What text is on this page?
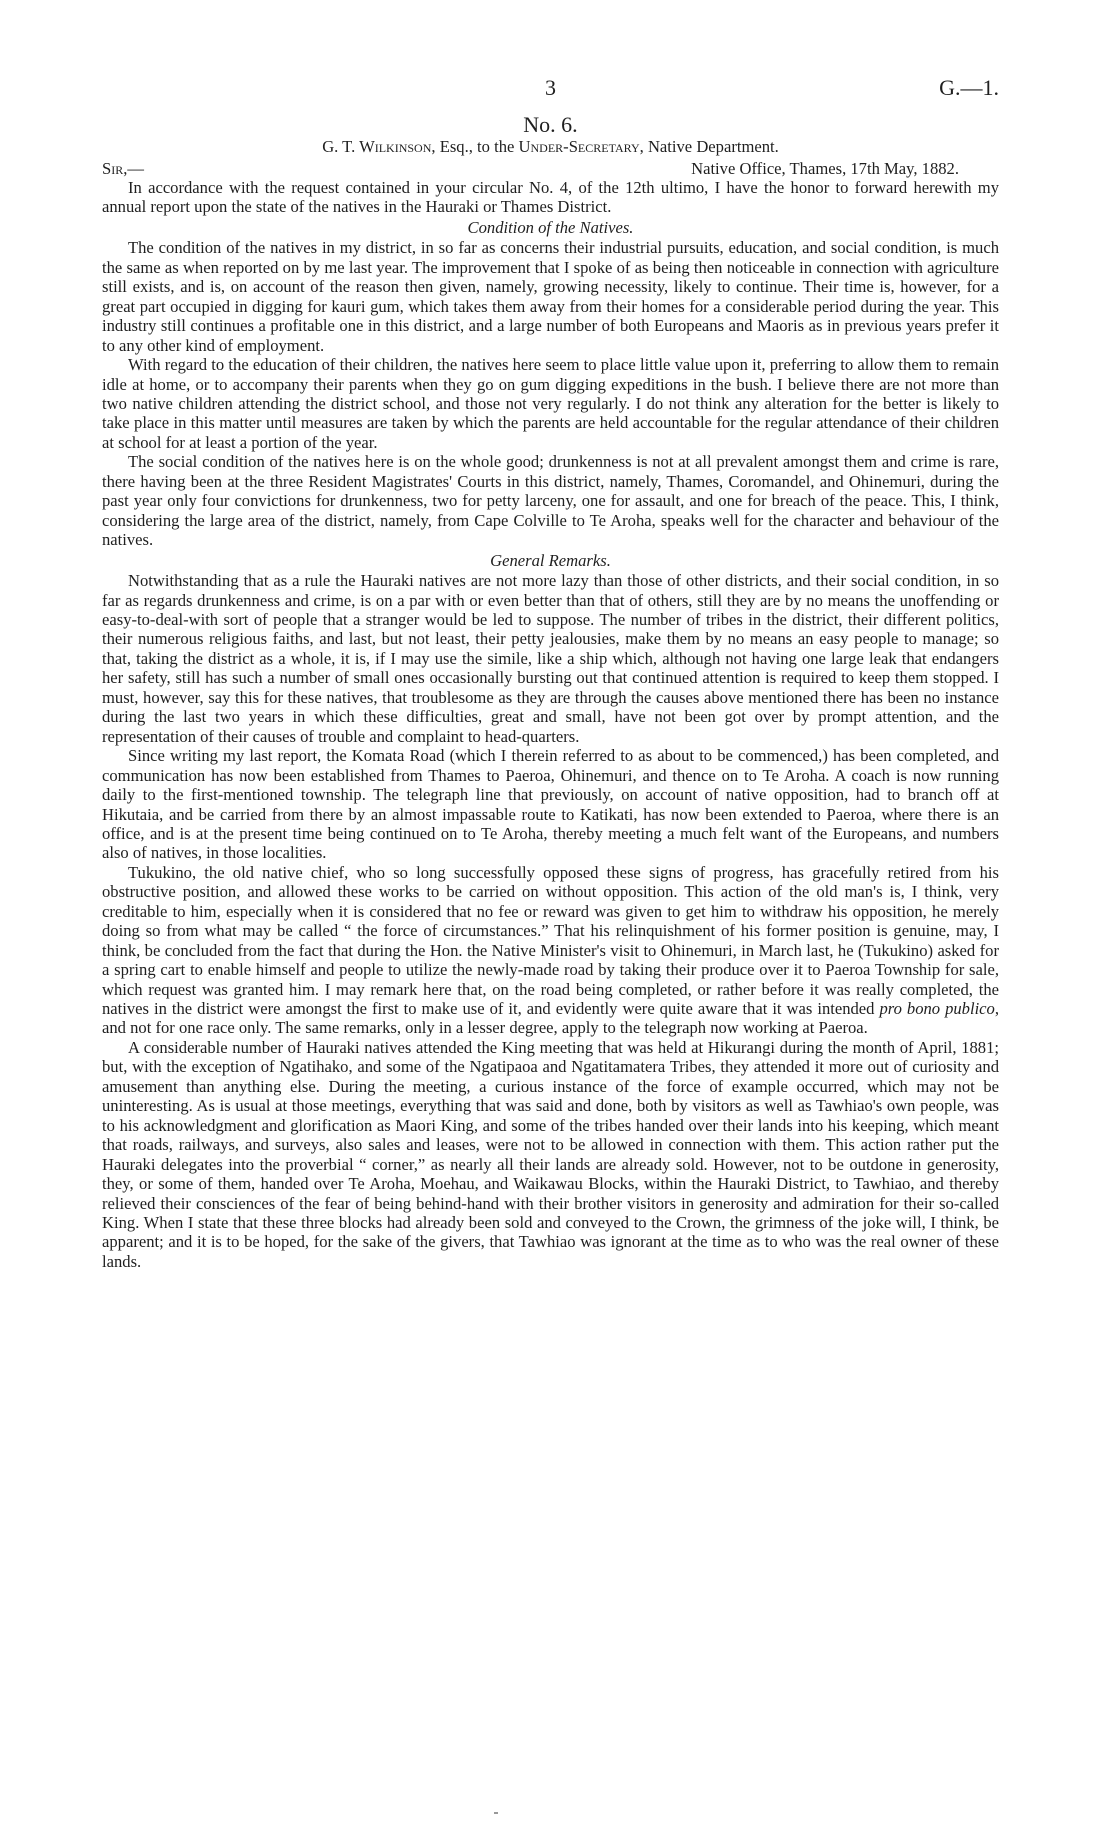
3	G.—1.
No. 6.
G. T. Wilkinson, Esq., to the Under-Secretary, Native Department.
Sir,—	Native Office, Thames, 17th May, 1882.

In accordance with the request contained in your circular No. 4, of the 12th ultimo, I have the honor to forward herewith my annual report upon the state of the natives in the Hauraki or Thames District.

Condition of the Natives.

The condition of the natives in my district, in so far as concerns their industrial pursuits, education, and social condition, is much the same as when reported on by me last year. The improvement that I spoke of as being then noticeable in connection with agriculture still exists, and is, on account of the reason then given, namely, growing necessity, likely to continue. Their time is, however, for a great part occupied in digging for kauri gum, which takes them away from their homes for a considerable period during the year. This industry still continues a profitable one in this district, and a large number of both Europeans and Maoris as in previous years prefer it to any other kind of employment.

With regard to the education of their children, the natives here seem to place little value upon it, preferring to allow them to remain idle at home, or to accompany their parents when they go on gum digging expeditions in the bush. I believe there are not more than two native children attending the district school, and those not very regularly. I do not think any alteration for the better is likely to take place in this matter until measures are taken by which the parents are held accountable for the regular attendance of their children at school for at least a portion of the year.

The social condition of the natives here is on the whole good; drunkenness is not at all prevalent amongst them and crime is rare, there having been at the three Resident Magistrates' Courts in this district, namely, Thames, Coromandel, and Ohinemuri, during the past year only four convictions for drunkenness, two for petty larceny, one for assault, and one for breach of the peace. This, I think, considering the large area of the district, namely, from Cape Colville to Te Aroha, speaks well for the character and behaviour of the natives.

General Remarks.

Notwithstanding that as a rule the Hauraki natives are not more lazy than those of other districts, and their social condition, in so far as regards drunkenness and crime, is on a par with or even better than that of others, still they are by no means the unoffending or easy-to-deal-with sort of people that a stranger would be led to suppose. The number of tribes in the district, their different politics, their numerous religious faiths, and last, but not least, their petty jealousies, make them by no means an easy people to manage; so that, taking the district as a whole, it is, if I may use the simile, like a ship which, although not having one large leak that endangers her safety, still has such a number of small ones occasionally bursting out that continued attention is required to keep them stopped. I must, however, say this for these natives, that troublesome as they are through the causes above mentioned there has been no instance during the last two years in which these difficulties, great and small, have not been got over by prompt attention, and the representation of their causes of trouble and complaint to head-quarters.

Since writing my last report, the Komata Road (which I therein referred to as about to be commenced,) has been completed, and communication has now been established from Thames to Paeroa, Ohinemuri, and thence on to Te Aroha. A coach is now running daily to the first-mentioned township. The telegraph line that previously, on account of native opposition, had to branch off at Hikutaia, and be carried from there by an almost impassable route to Katikati, has now been extended to Paeroa, where there is an office, and is at the present time being continued on to Te Aroha, thereby meeting a much felt want of the Europeans, and numbers also of natives, in those localities.

Tukukino, the old native chief, who so long successfully opposed these signs of progress, has gracefully retired from his obstructive position, and allowed these works to be carried on without opposition. This action of the old man's is, I think, very creditable to him, especially when it is considered that no fee or reward was given to get him to withdraw his opposition, he merely doing so from what may be called “ the force of circumstances.” That his relinquishment of his former position is genuine, may, I think, be concluded from the fact that during the Hon. the Native Minister's visit to Ohinemuri, in March last, he (Tukukino) asked for a spring cart to enable himself and people to utilize the newly-made road by taking their produce over it to Paeroa Township for sale, which request was granted him. I may remark here that, on the road being completed, or rather before it was really completed, the natives in the district were amongst the first to make use of it, and evidently were quite aware that it was intended pro bono publico, and not for one race only. The same remarks, only in a lesser degree, apply to the telegraph now working at Paeroa.

A considerable number of Hauraki natives attended the King meeting that was held at Hikurangi during the month of April, 1881; but, with the exception of Ngatihako, and some of the Ngatipaoa and Ngatitamatera Tribes, they attended it more out of curiosity and amusement than anything else. During the meeting, a curious instance of the force of example occurred, which may not be uninteresting. As is usual at those meetings, everything that was said and done, both by visitors as well as Tawhiao's own people, was to his acknowledgment and glorification as Maori King, and some of the tribes handed over their lands into his keeping, which meant that roads, railways, and surveys, also sales and leases, were not to be allowed in connection with them. This action rather put the Hauraki delegates into the proverbial “ corner,” as nearly all their lands are already sold. However, not to be outdone in generosity, they, or some of them, handed over Te Aroha, Moehau, and Waikawau Blocks, within the Hauraki District, to Tawhiao, and thereby relieved their consciences of the fear of being behind-hand with their brother visitors in generosity and admiration for their so-called King. When I state that these three blocks had already been sold and conveyed to the Crown, the grimness of the joke will, I think, be apparent; and it is to be hoped, for the sake of the givers, that Tawhiao was ignorant at the time as to who was the real owner of these lands.
